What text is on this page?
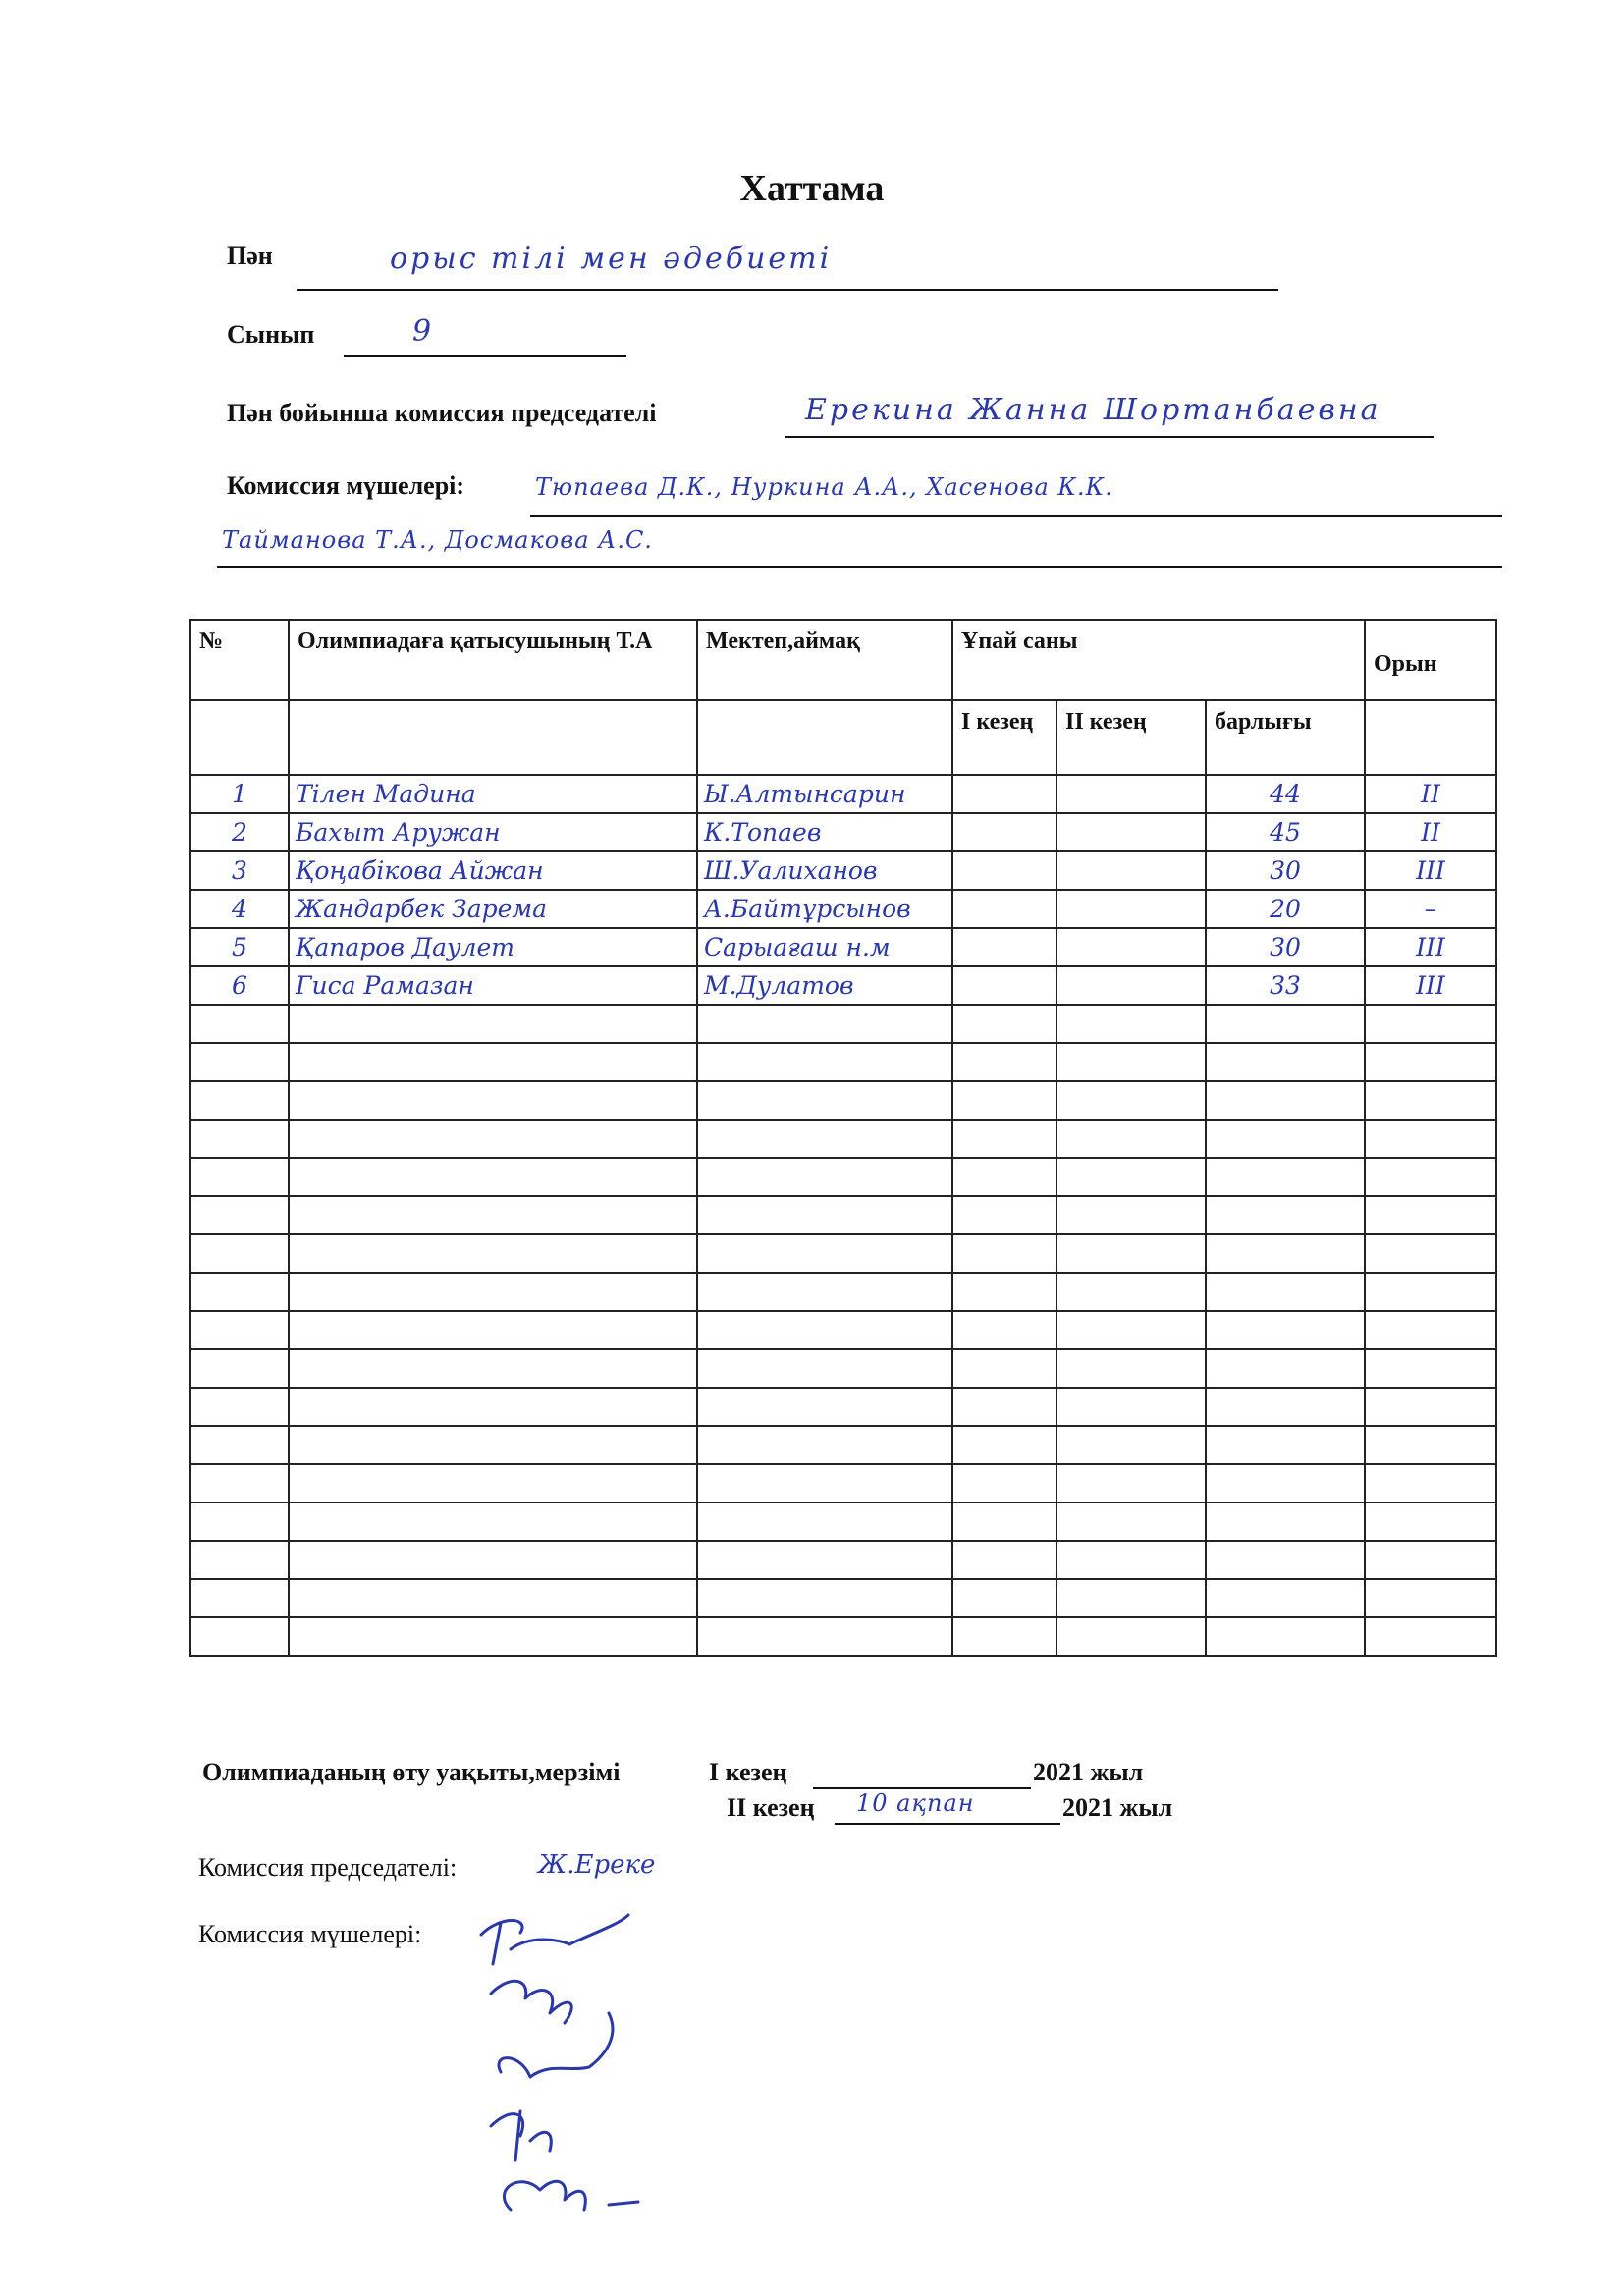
Хаттама
Пән	орыс тілі мен әдебиеті
Сынып	9
Пән бойынша комиссия председателі	Ерекина Жанна Шортанбаевна
Комиссия мүшелері:	Тюпаева Д.К., Нуркина А.А., Хасенова К.К.
Тайманова Т.А., Досмакова А.С.
№	Олимпиадаға қатысушының Т.А	Мектеп,аймақ	Ұпай саны			Орын
			I кезең	II кезең	барлығы	
1	Тілен Мадина	Ы.Алтынсарин			44	II
2	Бахыт Аружан	К.Топаев			45	II
3	Қоңабікова Айжан	Ш.Уалиханов			30	III
4	Жандарбек Зарема	А.Байтұрсынов			20	–
5	Қапаров Даулет	Сарыағаш н.м			30	III
6	Гиса Рамазан	М.Дулатов			33	III

Олимпиаданың өту уақыты,мерзімі	I кезең	2021 жыл
II кезең 10 ақпан	2021 жыл
Комиссия председателі:	Ж.Ереке
Комиссия мүшелері:
